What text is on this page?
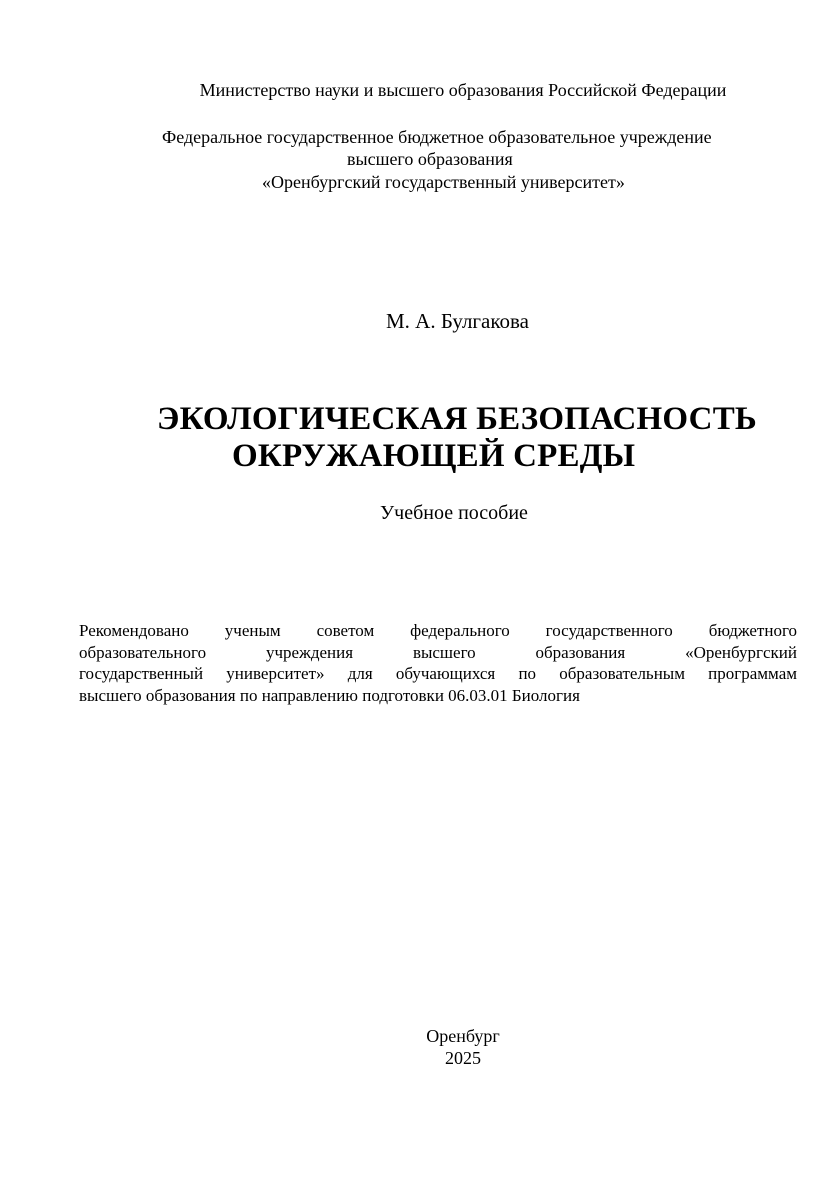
Министерство науки и высшего образования Российской Федерации
Федеральное государственное бюджетное образовательное учреждение
высшего образования
«Оренбургский государственный университет»
М. А. Булгакова
ЭКОЛОГИЧЕСКАЯ БЕЗОПАСНОСТЬ
ОКРУЖАЮЩЕЙ СРЕДЫ
Учебное пособие
Рекомендовано ученым советом федерального государственного бюджетного
образовательного учреждения высшего образования «Оренбургский
государственный университет» для обучающихся по образовательным программам
высшего образования по направлению подготовки 06.03.01 Биология
Оренбург
2025
